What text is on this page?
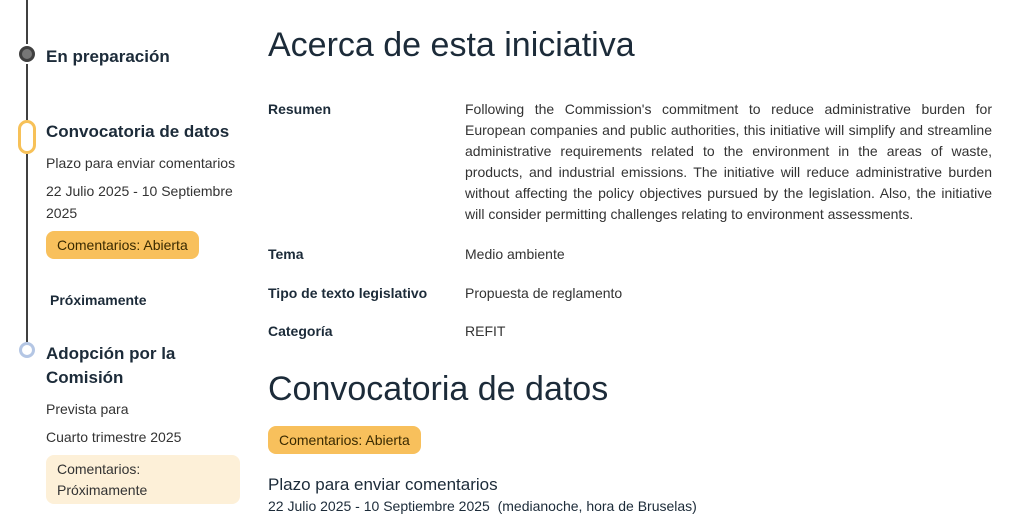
En preparación
Convocatoria de datos
Plazo para enviar comentarios
22 Julio 2025 - 10 Septiembre 2025
Comentarios: Abierta
Próximamente
Adopción por la Comisión
Prevista para
Cuarto trimestre 2025
Comentarios: Próximamente
Acerca de esta iniciativa
Resumen	Following the Commission's commitment to reduce administrative burden for European companies and public authorities, this initiative will simplify and streamline administrative requirements related to the environment in the areas of waste, products, and industrial emissions. The initiative will reduce administrative burden without affecting the policy objectives pursued by the legislation. Also, the initiative will consider permitting challenges relating to environment assessments.
Tema	Medio ambiente
Tipo de texto legislativo	Propuesta de reglamento
Categoría	REFIT
Convocatoria de datos
Comentarios: Abierta
Plazo para enviar comentarios
22 Julio 2025 - 10 Septiembre 2025  (medianoche, hora de Bruselas)
